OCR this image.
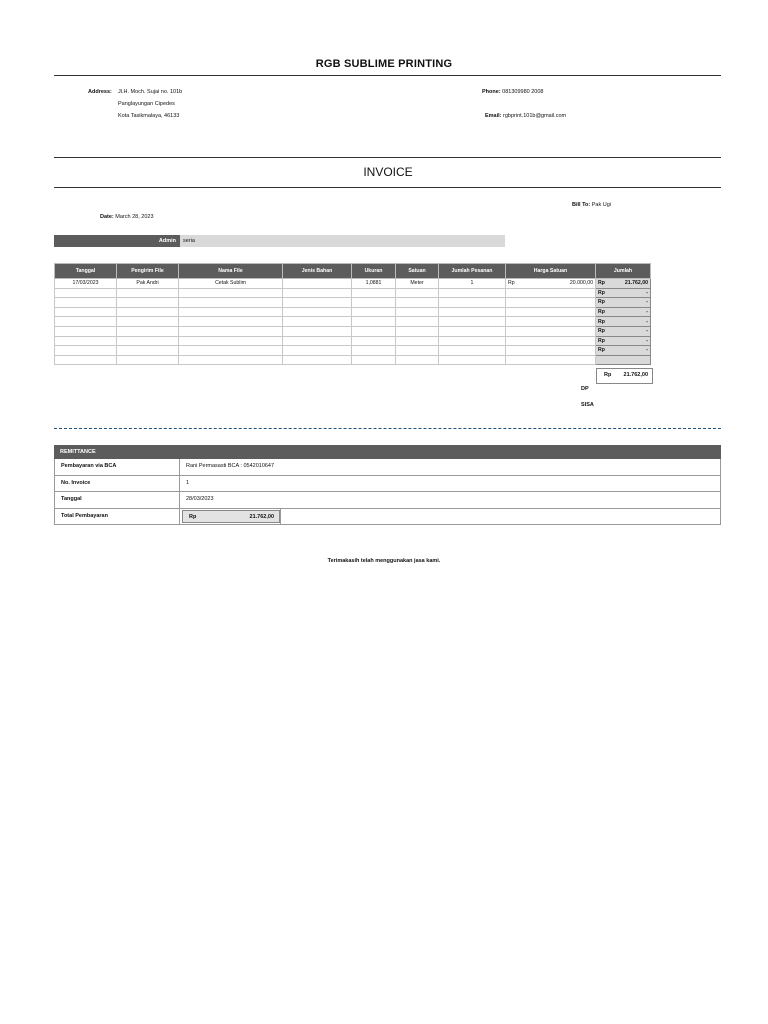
RGB SUBLIME PRINTING
Address: Jl.H. Moch. Sujai no. 101b
Panglayungan Cipedes
Kota Tasikmalaya, 46133
Phone: 081309980 2008
Email: rgbprint.101b@gmail.com
INVOICE
Bill To: Pak Ugi
Date: March 28, 2023
Admin	seria
Tanggal	Pengirim File	Nama File	Jenis Bahan	Ukuran	Satuan	Jumlah Pesanan	Harga Satuan	Jumlah
17/03/2023	Pak Andri	Cetak Sublim		1,0881	Meter	1	Rp 20.000,00	Rp 21.762,00

								Rp -

								Rp -

								Rp -

								Rp -

								Rp -

								Rp -

								Rp -

Rp 21.762,00
DP
SISA
REMITTANCE
Pembayaran via BCA	Rani Permasasti BCA : 0542010647
No. Invoice	1
Tanggal	28/03/2023
Total Pembayaran	Rp	21.762,00
Terimakasih telah menggunakan jasa kami.
